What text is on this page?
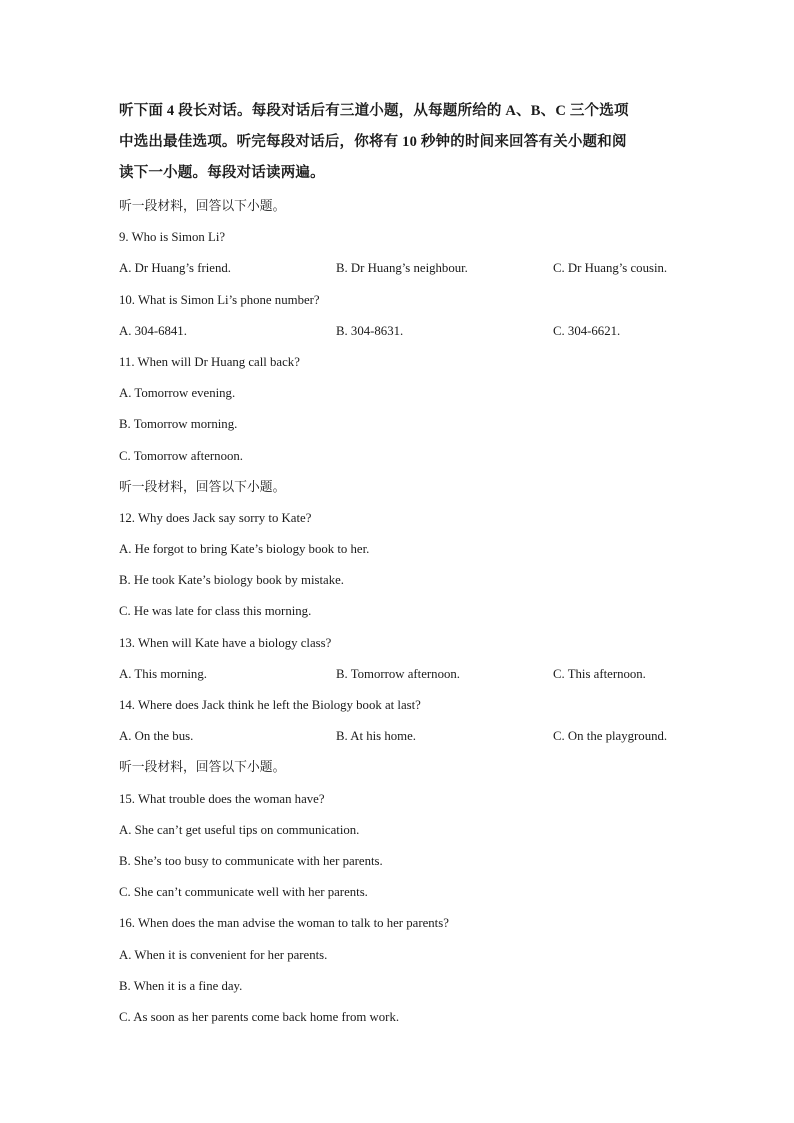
听下面 4 段长对话。每段对话后有三道小题，从每题所给的 A、B、C 三个选项
中选出最佳选项。听完每段对话后，你将有 10 秒钟的时间来回答有关小题和阅
读下一小题。每段对话读两遍。
听一段材料，回答以下小题。
9. Who is Simon Li?
A. Dr Huang’s friend.	B. Dr Huang’s neighbour.	C. Dr Huang’s cousin.
10. What is Simon Li’s phone number?
A. 304-6841.	B. 304-8631.	C. 304-6621.
11. When will Dr Huang call back?
A. Tomorrow evening.
B. Tomorrow morning.
C. Tomorrow afternoon.
听一段材料，回答以下小题。
12. Why does Jack say sorry to Kate?
A. He forgot to bring Kate’s biology book to her.
B. He took Kate’s biology book by mistake.
C. He was late for class this morning.
13. When will Kate have a biology class?
A. This morning.	B. Tomorrow afternoon.	C. This afternoon.
14. Where does Jack think he left the Biology book at last?
A. On the bus.	B. At his home.	C. On the playground.
听一段材料，回答以下小题。
15. What trouble does the woman have?
A. She can’t get useful tips on communication.
B. She’s too busy to communicate with her parents.
C. She can’t communicate well with her parents.
16. When does the man advise the woman to talk to her parents?
A. When it is convenient for her parents.
B. When it is a fine day.
C. As soon as her parents come back home from work.
